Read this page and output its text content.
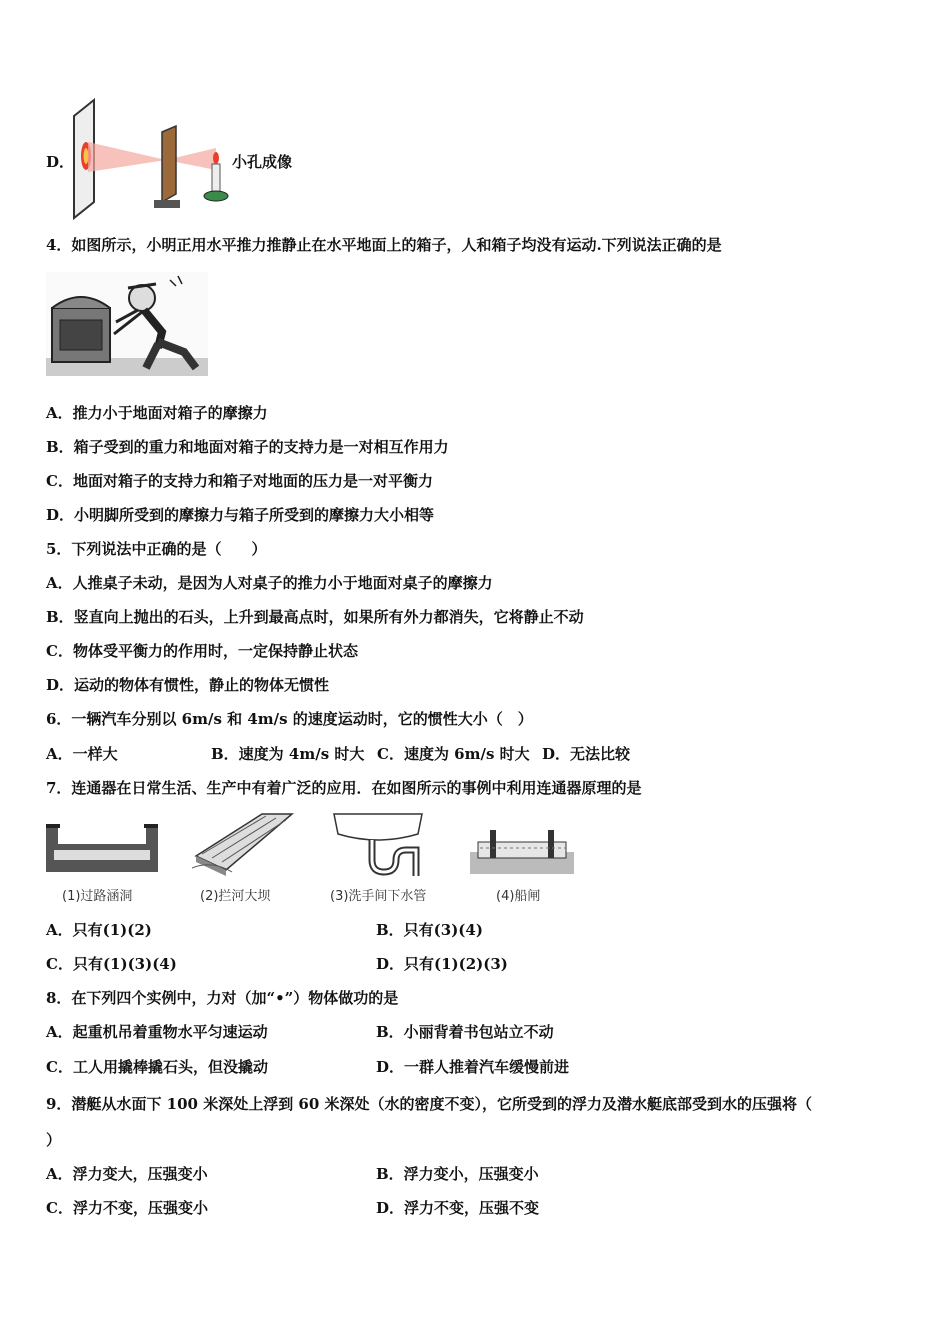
D．	小孔成像
4．如图所示，小明正用水平推力推静止在水平地面上的箱子，人和箱子均没有运动.下列说法正确的是
A．推力小于地面对箱子的摩擦力
B．箱子受到的重力和地面对箱子的支持力是一对相互作用力
C．地面对箱子的支持力和箱子对地面的压力是一对平衡力
D．小明脚所受到的摩擦力与箱子所受到的摩擦力大小相等
5．下列说法中正确的是（　　）
A．人推桌子未动，是因为人对桌子的推力小于地面对桌子的摩擦力
B．竖直向上抛出的石头，上升到最高点时，如果所有外力都消失，它将静止不动
C．物体受平衡力的作用时，一定保持静止状态
D．运动的物体有惯性，静止的物体无惯性
6．一辆汽车分别以 6m/s 和 4m/s 的速度运动时，它的惯性大小（　）
A．一样大	B．速度为 4m/s 时大 C．速度为 6m/s 时大 D．无法比较
7．连通器在日常生活、生产中有着广泛的应用．在如图所示的事例中利用连通器原理的是
(1)过路涵洞	(2)拦河大坝	(3)洗手间下水管	(4)船闸
A．只有(1)(2)	B．只有(3)(4)
C．只有(1)(3)(4)	D．只有(1)(2)(3)
8．在下列四个实例中，力对（加“•”）物体做功的是
A．起重机吊着重物水平匀速运动	B．小丽背着书包站立不动
C．工人用撬棒撬石头，但没撬动	D．一群人推着汽车缓慢前进
9．潜艇从水面下 100 米深处上浮到 60 米深处（水的密度不变），它所受到的浮力及潜水艇底部受到水的压强将（
）
A．浮力变大，压强变小	B．浮力变小，压强变小
C．浮力不变，压强变小	D．浮力不变，压强不变
